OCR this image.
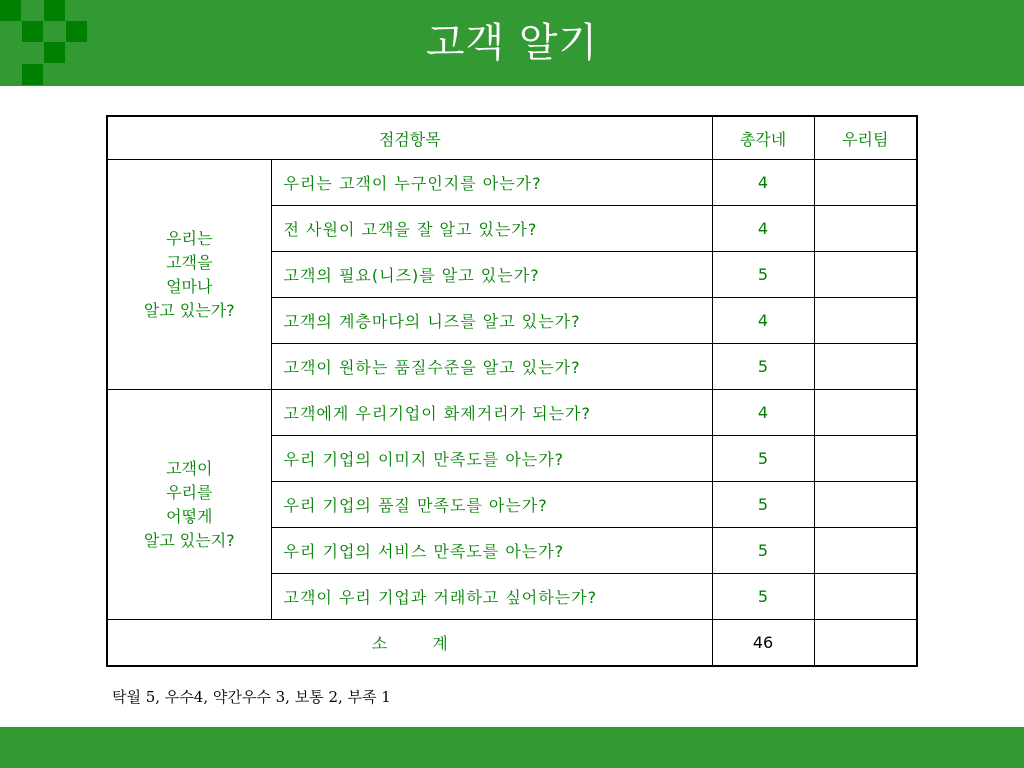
고객 알기
점검항목		총각네	우리팀

우리는
고객을
얼마나
알고 있는가?	우리는 고객이 누구인지를 아는가?	4	
	전 사원이 고객을 잘 알고 있는가?	4	
	고객의 필요(니즈)를 알고 있는가?	5	
	고객의 계층마다의 니즈를 알고 있는가?	4	
	고객이 원하는 품질수준을 알고 있는가?	5	

고객이
우리를
어떻게
알고 있는지?	고객에게 우리기업이 화제거리가 되는가?	4	
	우리 기업의 이미지 만족도를 아는가?	5	
	우리 기업의 품질 만족도를 아는가?	5	
	우리 기업의 서비스 만족도를 아는가?	5	
	고객이 우리 기업과 거래하고 싶어하는가?	5	
소 계		46	
탁월 5, 우수4, 약간우수 3, 보통 2, 부족 1
